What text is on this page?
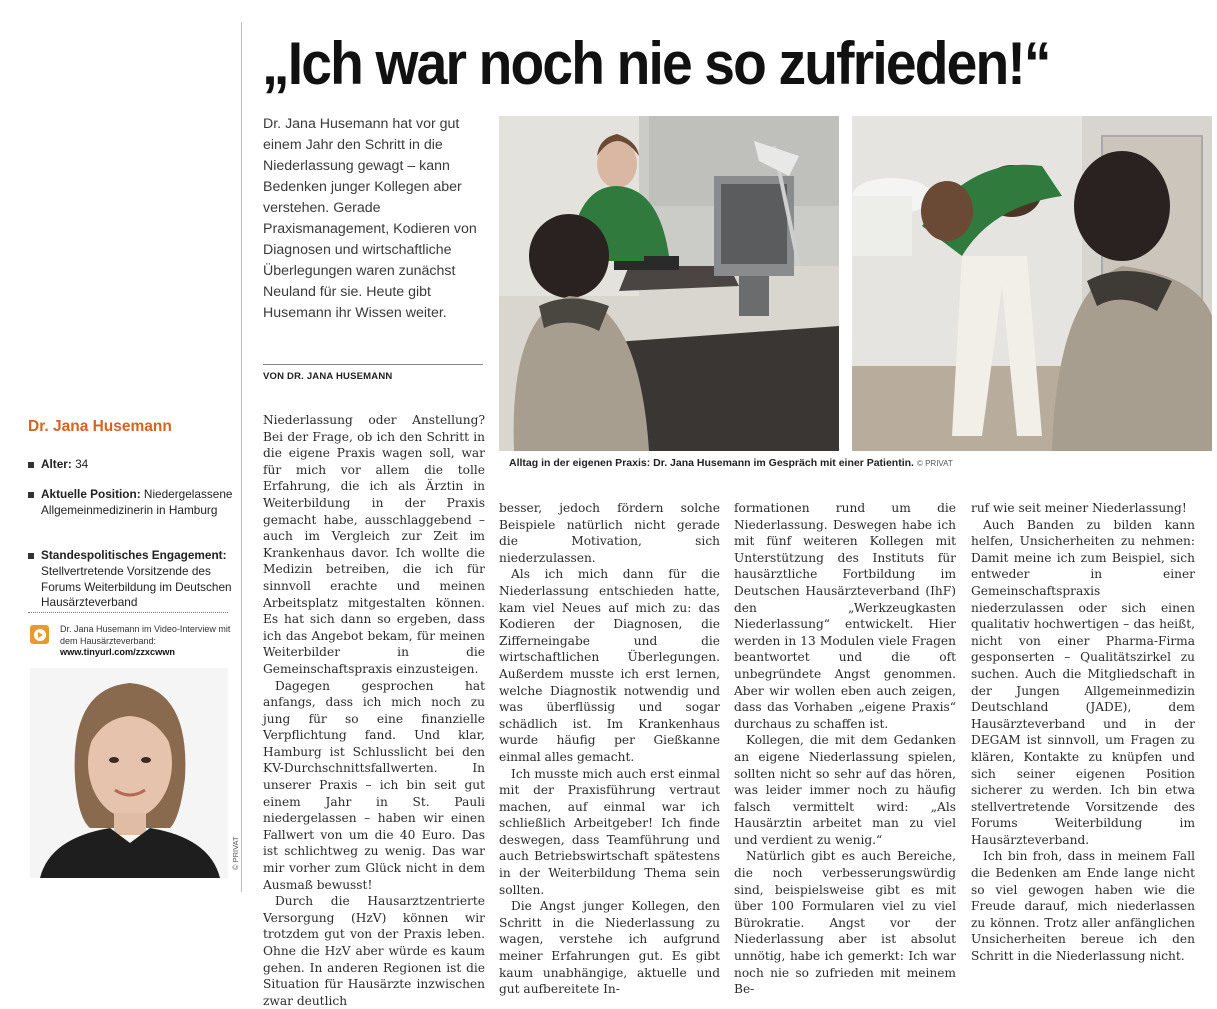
„Ich war noch nie so zufrieden!“
Dr. Jana Husemann hat vor gut einem Jahr den Schritt in die Niederlassung gewagt – kann Bedenken junger Kollegen aber verstehen. Gerade Praxismanagement, Kodieren von Diagnosen und wirtschaftliche Überlegungen waren zunächst Neuland für sie. Heute gibt Husemann ihr Wissen weiter.
VON DR. JANA HUSEMANN
Alltag in der eigenen Praxis: Dr. Jana Husemann im Gespräch mit einer Patientin. © PRIVAT
Dr. Jana Husemann
Alter: 34
Aktuelle Position: Niedergelassene Allgemeinmedizinerin in Hamburg
Standespolitisches Engagement: Stellvertretende Vorsitzende des Forums Weiterbildung im Deutschen Hausärzteverband
Dr. Jana Husemann im Video-Interview mit dem Hausärzteverband:
www.tinyurl.com/zzxcwwn
© PRIVAT

Niederlassung oder Anstellung? Bei der Frage, ob ich den Schritt in die eigene Praxis wagen soll, war für mich vor allem die tolle Erfahrung, die ich als Ärztin in Weiterbildung in der Praxis gemacht habe, ausschlaggebend – auch im Vergleich zur Zeit im Krankenhaus davor. Ich wollte die Medizin betreiben, die ich für sinnvoll erachte und meinen Arbeitsplatz mitgestalten können. Es hat sich dann so ergeben, dass ich das Angebot bekam, für meinen Weiterbilder in die Gemeinschaftspraxis einzusteigen.

Dagegen gesprochen hat anfangs, dass ich mich noch zu jung für so eine finanzielle Verpflichtung fand. Und klar, Hamburg ist Schlusslicht bei den KV-Durchschnittsfallwerten. In unserer Praxis – ich bin seit gut einem Jahr in St. Pauli niedergelassen – haben wir einen Fallwert von um die 40 Euro. Das ist schlichtweg zu wenig. Das war mir vorher zum Glück nicht in dem Ausmaß bewusst!

Durch die Hausarztzentrierte Versorgung (HzV) können wir trotzdem gut von der Praxis leben. Ohne die HzV aber würde es kaum gehen. In anderen Regionen ist die Situation für Hausärzte inzwischen zwar deutlich

besser, jedoch fördern solche Beispiele natürlich nicht gerade die Motivation, sich niederzulassen.

Als ich mich dann für die Niederlassung entschieden hatte, kam viel Neues auf mich zu: das Kodieren der Diagnosen, die Zifferneingabe und die wirtschaftlichen Überlegungen. Außerdem musste ich erst lernen, welche Diagnostik notwendig und was überflüssig und sogar schädlich ist. Im Krankenhaus wurde häufig per Gießkanne einmal alles gemacht.

Ich musste mich auch erst einmal mit der Praxisführung vertraut machen, auf einmal war ich schließlich Arbeitgeber! Ich finde deswegen, dass Teamführung und auch Betriebswirtschaft spätestens in der Weiterbildung Thema sein sollten.

Die Angst junger Kollegen, den Schritt in die Niederlassung zu wagen, verstehe ich aufgrund meiner Erfahrungen gut. Es gibt kaum unabhängige, aktuelle und gut aufbereitete In-

formationen rund um die Niederlassung. Deswegen habe ich mit fünf weiteren Kollegen mit Unterstützung des Instituts für hausärztliche Fortbildung im Deutschen Hausärzteverband (IhF) den „Werkzeugkasten Niederlassung“ entwickelt. Hier werden in 13 Modulen viele Fragen beantwortet und die oft unbegründete Angst genommen. Aber wir wollen eben auch zeigen, dass das Vorhaben „eigene Praxis“ durchaus zu schaffen ist.

Kollegen, die mit dem Gedanken an eigene Niederlassung spielen, sollten nicht so sehr auf das hören, was leider immer noch zu häufig falsch vermittelt wird: „Als Hausärztin arbeitet man zu viel und verdient zu wenig.“

Natürlich gibt es auch Bereiche, die noch verbesserungswürdig sind, beispielsweise gibt es mit über 100 Formularen viel zu viel Bürokratie. Angst vor der Niederlassung aber ist absolut unnötig, habe ich gemerkt: Ich war noch nie so zufrieden mit meinem Be-

ruf wie seit meiner Niederlassung!

Auch Banden zu bilden kann helfen, Unsicherheiten zu nehmen: Damit meine ich zum Beispiel, sich entweder in einer Gemeinschaftspraxis niederzulassen oder sich einen qualitativ hochwertigen – das heißt, nicht von einer Pharma-Firma gesponserten – Qualitätszirkel zu suchen. Auch die Mitgliedschaft in der Jungen Allgemeinmedizin Deutschland (JADE), dem Hausärzteverband und in der DEGAM ist sinnvoll, um Fragen zu klären, Kontakte zu knüpfen und sich seiner eigenen Position sicherer zu werden. Ich bin etwa stellvertretende Vorsitzende des Forums Weiterbildung im Hausärzteverband.

Ich bin froh, dass in meinem Fall die Bedenken am Ende lange nicht so viel gewogen haben wie die Freude darauf, mich niederlassen zu können. Trotz aller anfänglichen Unsicherheiten bereue ich den Schritt in die Niederlassung nicht.
